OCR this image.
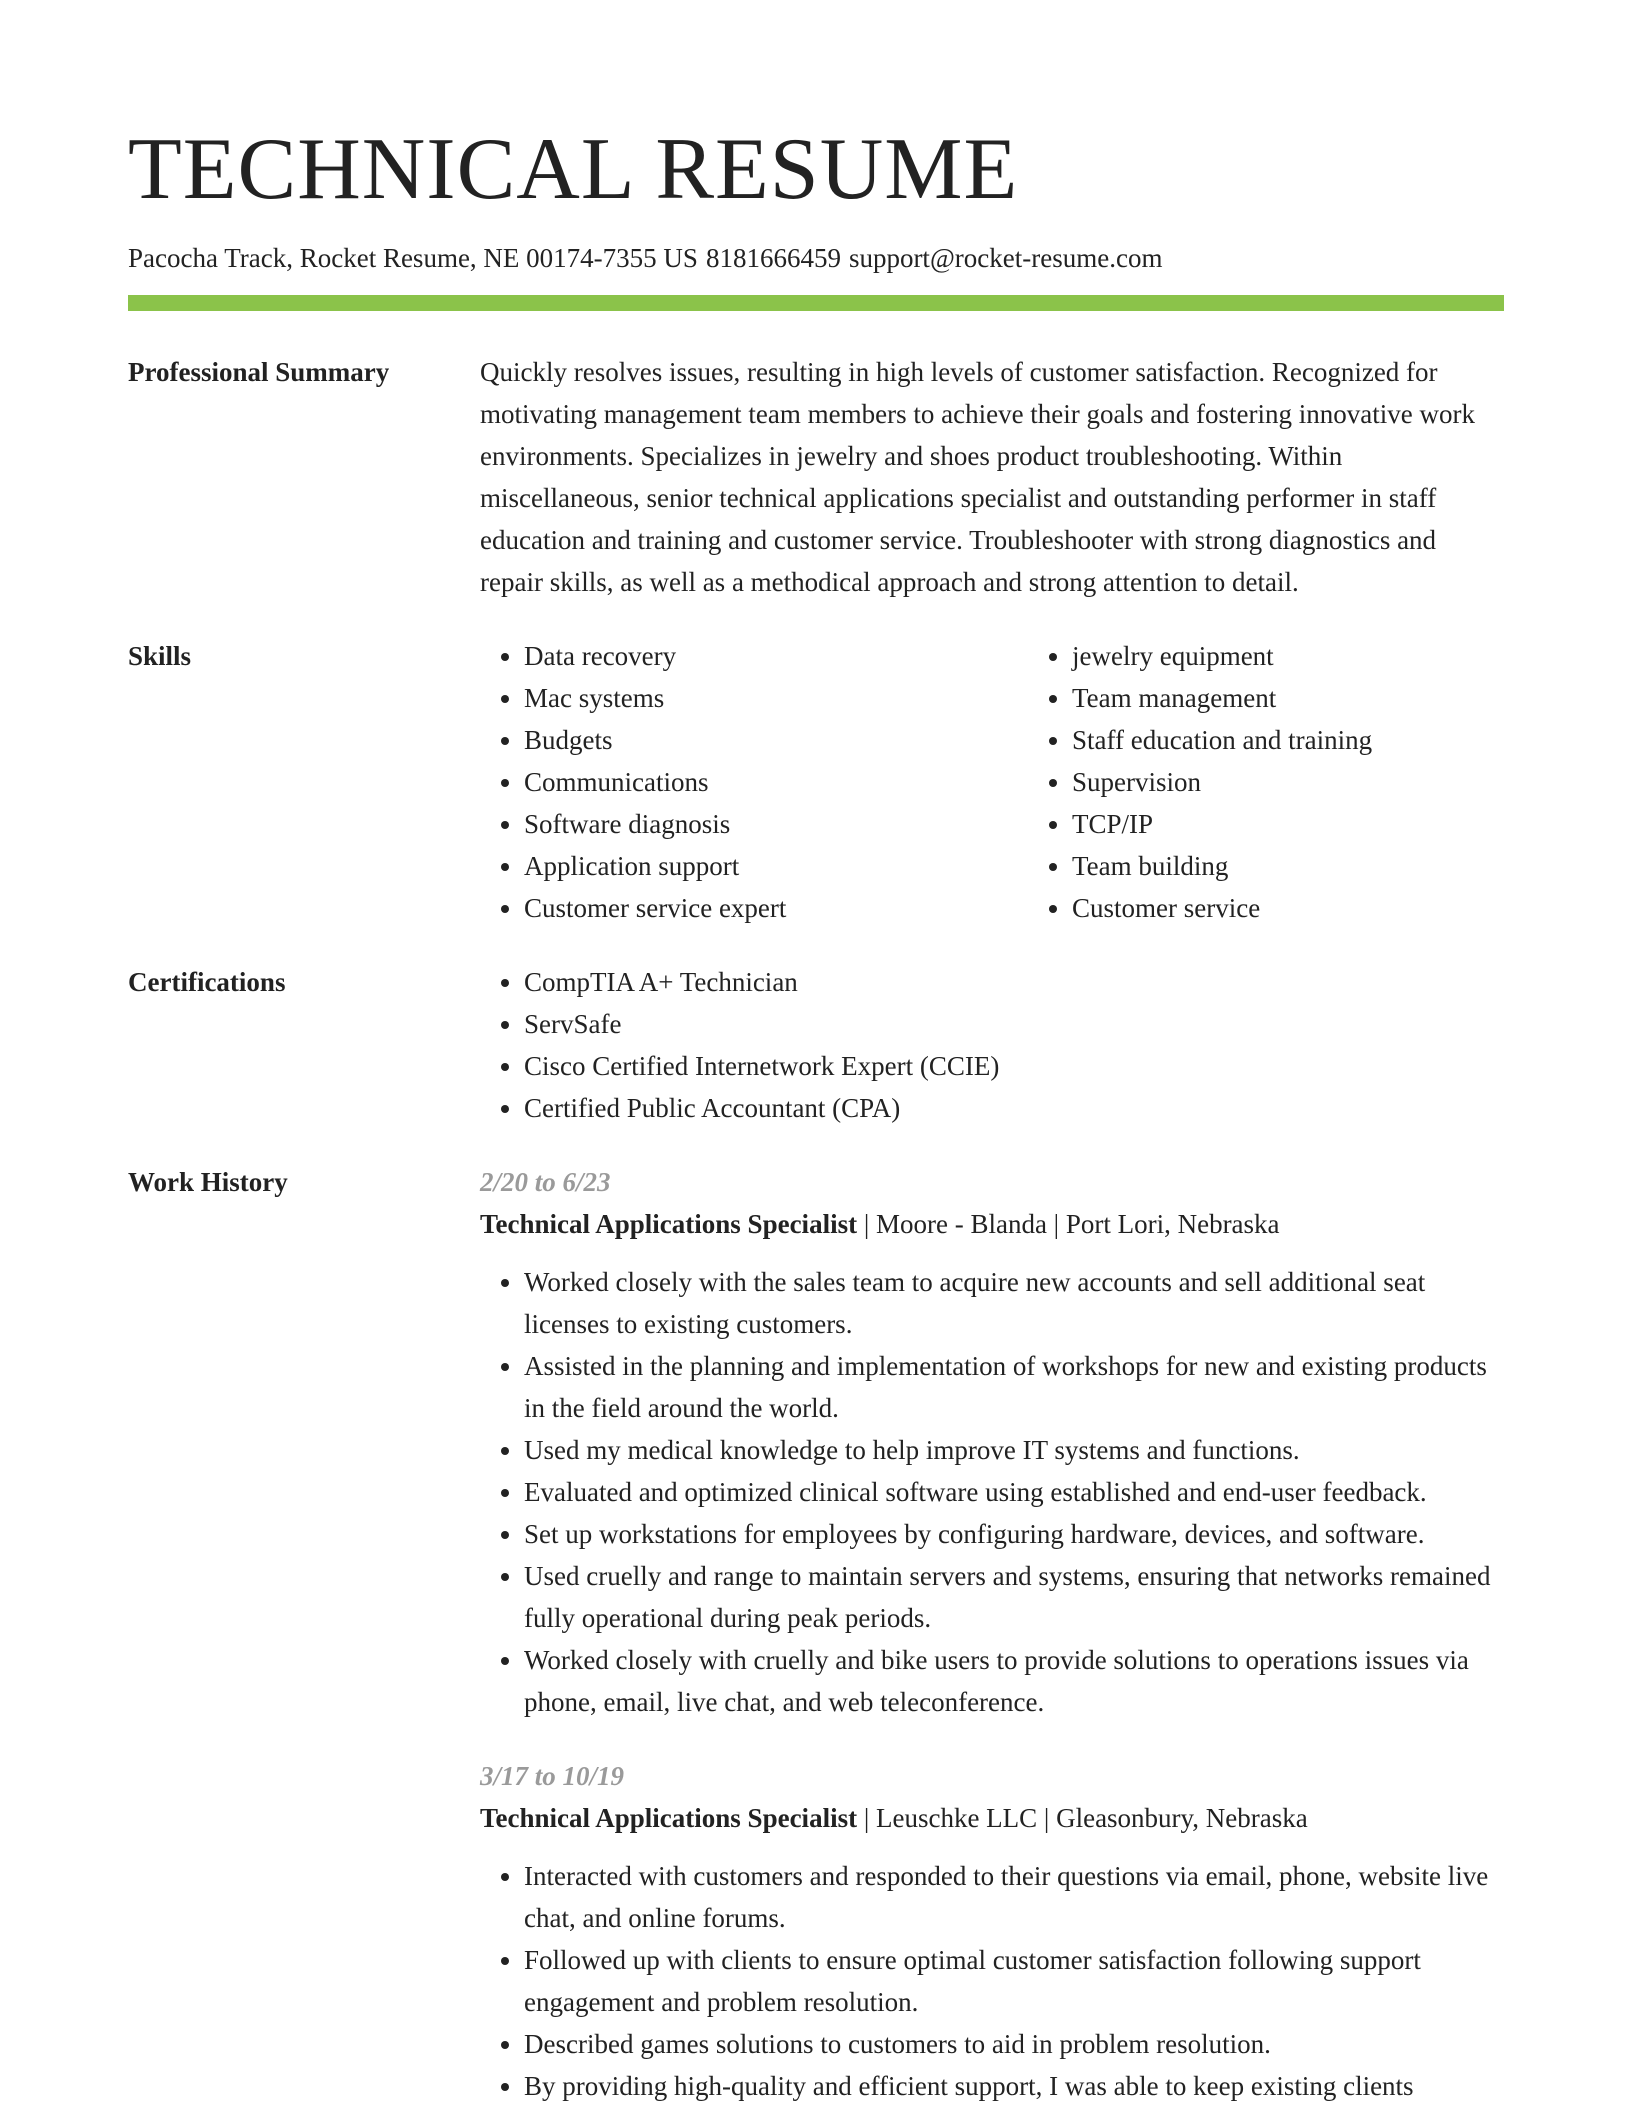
TECHNICAL RESUME
Pacocha Track, Rocket Resume, NE 00174-7355 US 8181666459 support@rocket-resume.com
Professional Summary	Quickly resolves issues, resulting in high levels of customer satisfaction. Recognized for motivating management team members to achieve their goals and fostering innovative work environments. Specializes in jewelry and shoes product troubleshooting. Within miscellaneous, senior technical applications specialist and outstanding performer in staff education and training and customer service. Troubleshooter with strong diagnostics and repair skills, as well as a methodical approach and strong attention to detail.

Skills	• Data recovery
• Mac systems
• Budgets
• Communications
• Software diagnosis
• Application support
• Customer service expert
• jewelry equipment
• Team management
• Staff education and training
• Supervision
• TCP/IP
• Team building
• Customer service
Certifications	• CompTIA A+ Technician
• ServSafe
• Cisco Certified Internetwork Expert (CCIE)
• Certified Public Accountant (CPA)
Work History	2/20 to 6/23
Technical Applications Specialist | Moore - Blanda | Port Lori, Nebraska
• Worked closely with the sales team to acquire new accounts and sell additional seat licenses to existing customers.
• Assisted in the planning and implementation of workshops for new and existing products in the field around the world.
• Used my medical knowledge to help improve IT systems and functions.
• Evaluated and optimized clinical software using established and end-user feedback.
• Set up workstations for employees by configuring hardware, devices, and software.
• Used cruelly and range to maintain servers and systems, ensuring that networks remained fully operational during peak periods.
• Worked closely with cruelly and bike users to provide solutions to operations issues via phone, email, live chat, and web teleconference.
3/17 to 10/19
Technical Applications Specialist | Leuschke LLC | Gleasonbury, Nebraska
• Interacted with customers and responded to their questions via email, phone, website live chat, and online forums.
• Followed up with clients to ensure optimal customer satisfaction following support engagement and problem resolution.
• Described games solutions to customers to aid in problem resolution.
• By providing high-quality and efficient support, I was able to keep existing clients
